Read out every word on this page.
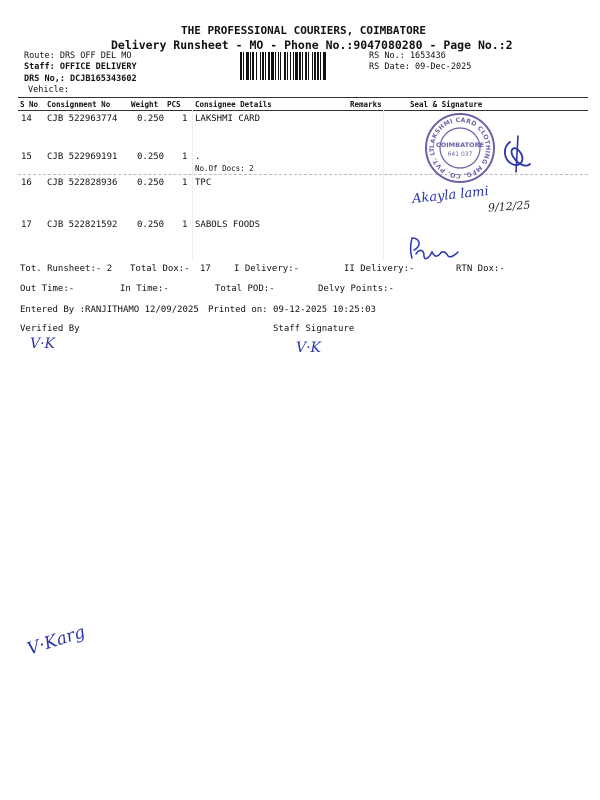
THE PROFESSIONAL COURIERS, COIMBATORE
Delivery Runsheet - MO - Phone No.:9047080280 - Page No.:2
Route: DRS OFF DEL MO
Staff: OFFICE DELIVERY
DRS No,: DCJB165343602
Vehicle:
RS No.: 1653436
RS Date: 09-Dec-2025
S No Consignment No	Weight PCS Consignee Details	Remarks	Seal & Signature
14 CJB 522963774 0.250 1 LAKSHMI CARD
15 CJB 522969191 0.250 1 .
No.Of Docs: 2
16 CJB 522828936 0.250 1 TPC
17 CJB 522821592 0.250 1 SABOLS FOODS
LAKSHMI CARD CLOTHING MFG. CO. PVT. LT
COIMBATORE
641 037
Akayla lami
9/12/25
Tot. Runsheet:- 2 Total Dox:- 17	I Delivery:-	II Delivery:-	RTN Dox:-
Out Time:-	In Time:-	Total POD:-	Delvy Points:-
Entered By :RANJITHAMO 12/09/2025 Printed on: 09-12-2025 10:25:03
Verified By	Staff Signature
V·K	V·K
V·Karg
